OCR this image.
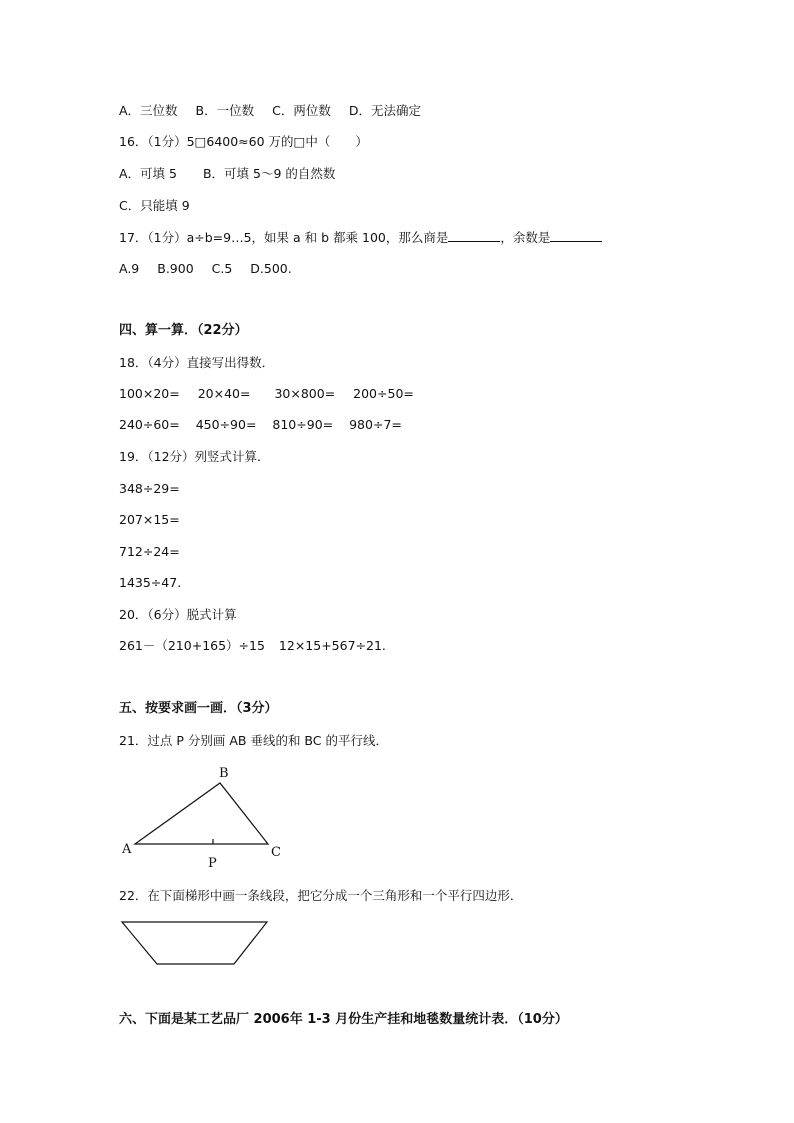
A．三位数 B．一位数 C．两位数 D．无法确定
16．（1分）5□6400≈60 万的□中（　　）
A．可填 5 B．可填 5～9 的自然数
C．只能填 9
17．（1分）a÷b=9…5，如果 a 和 b 都乘 100，那么商是	，余数是
A.9 B.900 C.5 D.500.
四、算一算．（22分）
18．（4分）直接写出得数．
100×20= 20×40= 30×800= 200÷50=
240÷60= 450÷90= 810÷90= 980÷7=
19．（12分）列竖式计算．
348÷29=
207×15=
712÷24=
1435÷47.
20．（6分）脱式计算
261－（210+165）÷15 12×15+567÷21.
五、按要求画一画．（3分）
21．过点 P 分别画 AB 垂线的和 BC 的平行线．
B
A	C
P
22．在下面梯形中画一条线段，把它分成一个三角形和一个平行四边形．
六、下面是某工艺品厂 2006年 1-3 月份生产挂和地毯数量统计表．（10分）
